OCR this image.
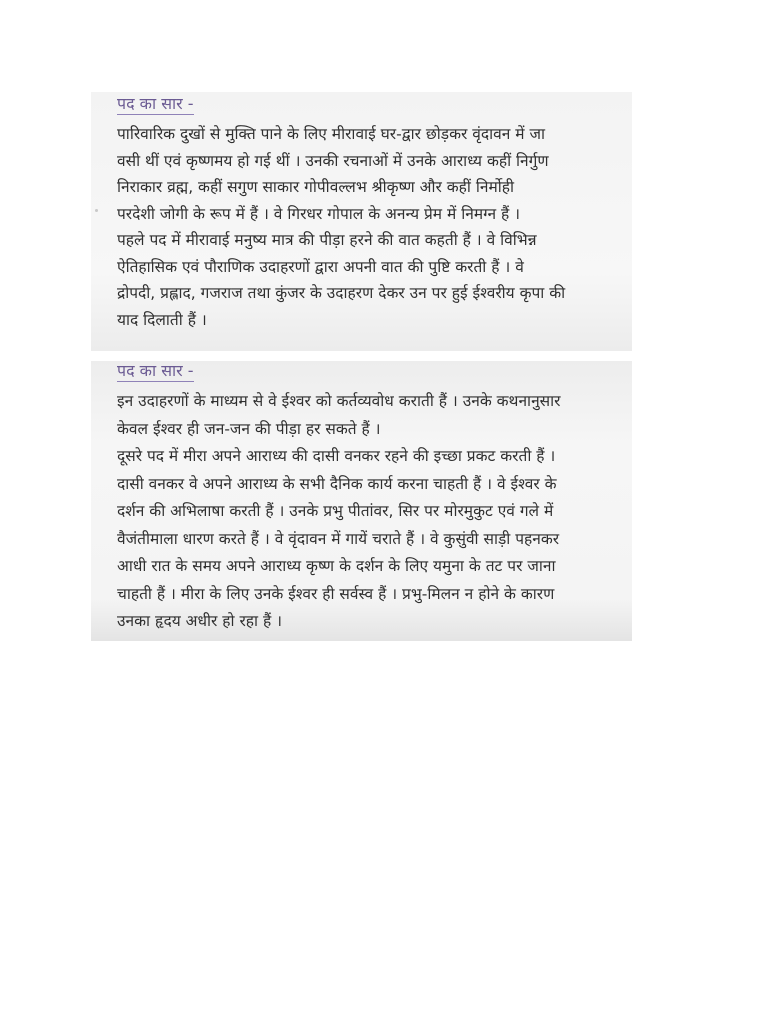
पद का सार -

पारिवारिक दुखों से मुक्ति पाने के लिए मीरावाई घर-द्वार छोड़कर वृंदावन में जा
वसी थीं एवं कृष्णमय हो गई थीं । उनकी रचनाओं में उनके आराध्य कहीं निर्गुण
निराकार व्रह्म, कहीं सगुण साकार गोपीवल्लभ श्रीकृष्ण और कहीं निर्मोही
परदेशी जोगी के रूप में हैं । वे गिरधर गोपाल के अनन्य प्रेम में निमग्न हैं ।
पहले पद में मीरावाई मनुष्य मात्र की पीड़ा हरने की वात कहती हैं । वे विभिन्न
ऐतिहासिक एवं पौराणिक उदाहरणों द्वारा अपनी वात की पुष्टि करती हैं । वे
द्रोपदी, प्रह्लाद, गजराज तथा कुंजर के उदाहरण देकर उन पर हुई ईश्वरीय कृपा की
याद दिलाती हैं ।

पद का सार -

इन उदाहरणों के माध्यम से वे ईश्वर को कर्तव्यवोध कराती हैं । उनके कथनानुसार
केवल ईश्वर ही जन-जन की पीड़ा हर सकते हैं ।
दूसरे पद में मीरा अपने आराध्य की दासी वनकर रहने की इच्छा प्रकट करती हैं ।
दासी वनकर वे अपने आराध्य के सभी दैनिक कार्य करना चाहती हैं । वे ईश्वर के
दर्शन की अभिलाषा करती हैं । उनके प्रभु पीतांवर, सिर पर मोरमुकुट एवं गले में
वैजंतीमाला धारण करते हैं । वे वृंदावन में गायें चराते हैं । वे कुसुंवी साड़ी पहनकर
आधी रात के समय अपने आराध्य कृष्ण के दर्शन के लिए यमुना के तट पर जाना
चाहती हैं । मीरा के लिए उनके ईश्वर ही सर्वस्व हैं । प्रभु-मिलन न होने के कारण
उनका हृदय अधीर हो रहा हैं ।
